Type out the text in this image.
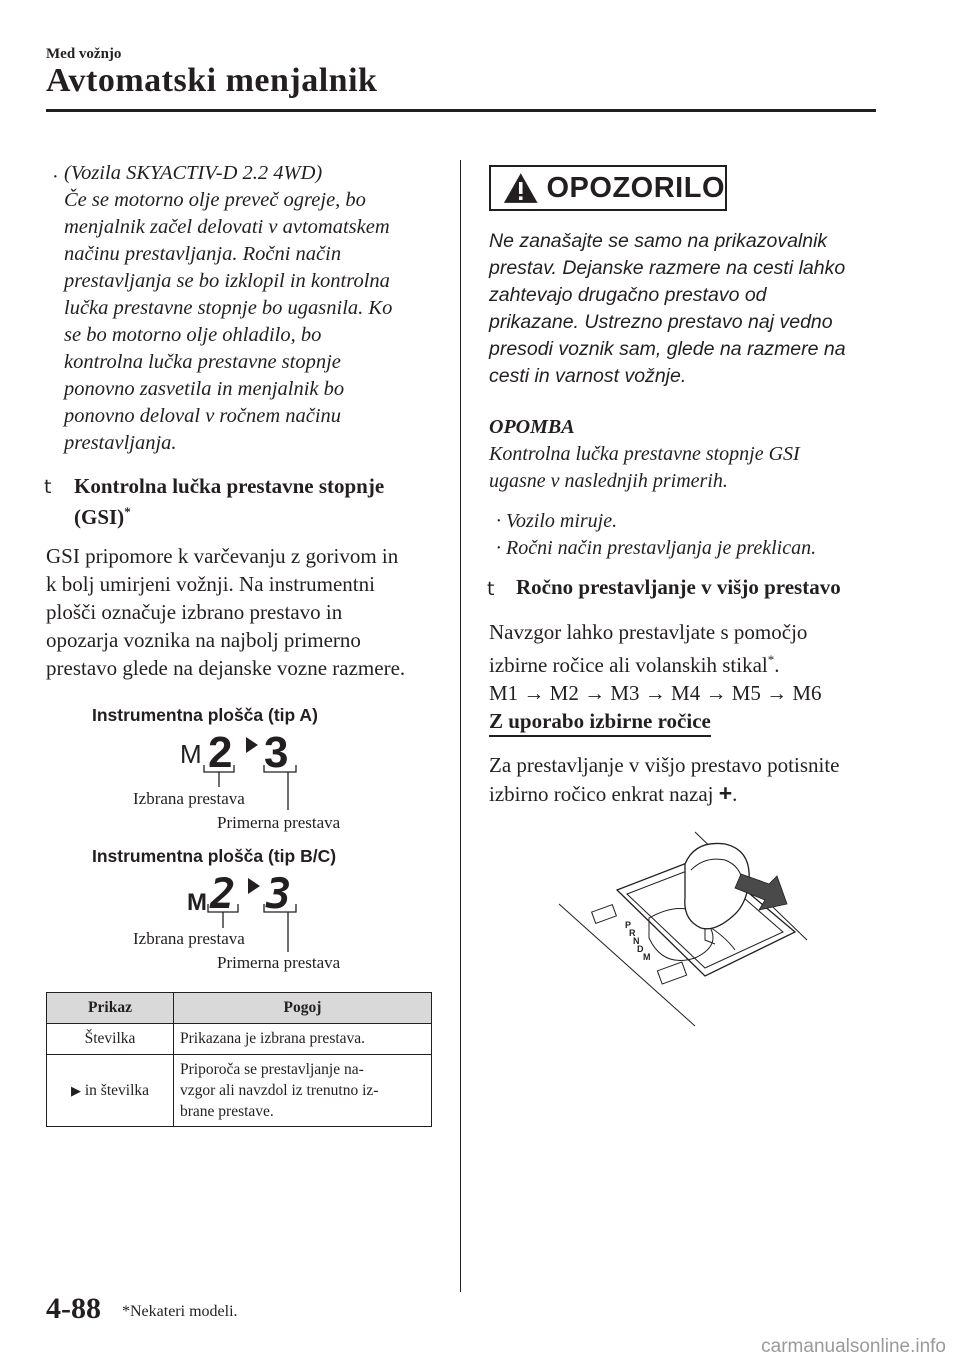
Med vožnjo
Avtomatski menjalnik
· (Vozila SKYACTIV-D 2.2 4WD)
Če se motorno olje preveč ogreje, bo
menjalnik začel delovati v avtomatskem
načinu prestavljanja. Ročni način
prestavljanja se bo izklopil in kontrolna
lučka prestavne stopnje bo ugasnila. Ko
se bo motorno olje ohladilo, bo
kontrolna lučka prestavne stopnje
ponovno zasvetila in menjalnik bo
ponovno deloval v ročnem načinu
prestavljanja.
t Kontrolna lučka prestavne stopnje
(GSI)*
GSI pripomore k varčevanju z gorivom in
k bolj umirjeni vožnji. Na instrumentni
plošči označuje izbrano prestavo in
opozarja voznika na najbolj primerno
prestavo glede na dejanske vozne razmere.
Instrumentna plošča (tip A)
M 2 3
Izbrana prestava
Primerna prestava
Instrumentna plošča (tip B/C)
M 2 3
Izbrana prestava
Primerna prestava
Prikaz	Pogoj
Številka	Prikazana je izbrana prestava.
▶ in številka	Priporoča se prestavljanje na-
vzgor ali navzdol iz trenutno iz-
brane prestave.
OPOZORILO
Ne zanašajte se samo na prikazovalnik
prestav. Dejanske razmere na cesti lahko
zahtevajo drugačno prestavo od
prikazane. Ustrezno prestavo naj vedno
presodi voznik sam, glede na razmere na
cesti in varnost vožnje.
OPOMBA
Kontrolna lučka prestavne stopnje GSI
ugasne v naslednjih primerih.
· Vozilo miruje.
· Ročni način prestavljanja je preklican.
t Ročno prestavljanje v višjo prestavo
Navzgor lahko prestavljate s pomočjo
izbirne ročice ali volanskih stikal*.
M1 → M2 → M3 → M4 → M5 → M6
Z uporabo izbirne ročice
Za prestavljanje v višjo prestavo potisnite
izbirno ročico enkrat nazaj +.
P
R
N
D
M
4-88 *Nekateri modeli.
carmanualsonline.info
